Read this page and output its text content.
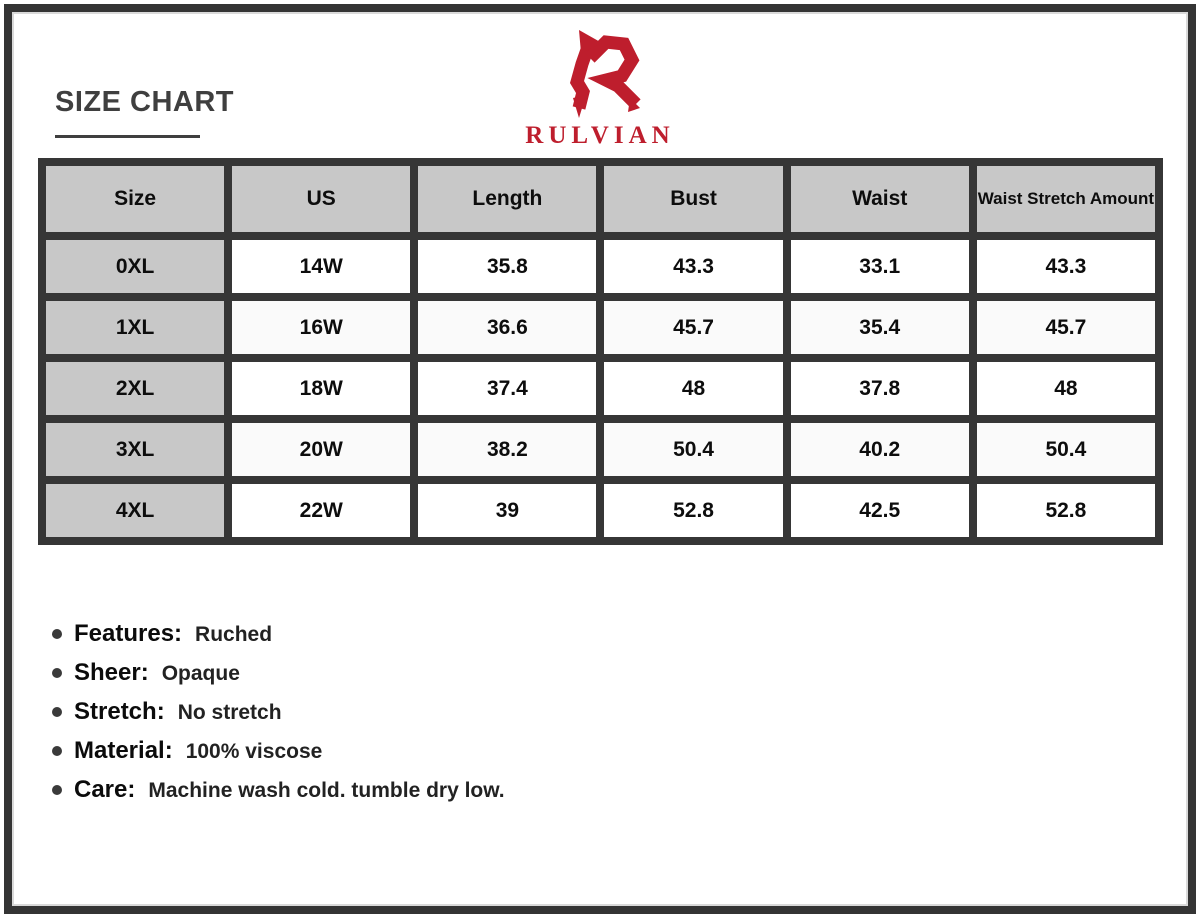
SIZE CHART
RULVIAN
Size	US	Length	Bust	Waist	Waist Stretch Amount
0XL	14W	35.8	43.3	33.1	43.3
1XL	16W	36.6	45.7	35.4	45.7
2XL	18W	37.4	48	37.8	48
3XL	20W	38.2	50.4	40.2	50.4
4XL	22W	39	52.8	42.5	52.8
Features: Ruched
Sheer: Opaque
Stretch: No stretch
Material: 100% viscose
Care: Machine wash cold. tumble dry low.
